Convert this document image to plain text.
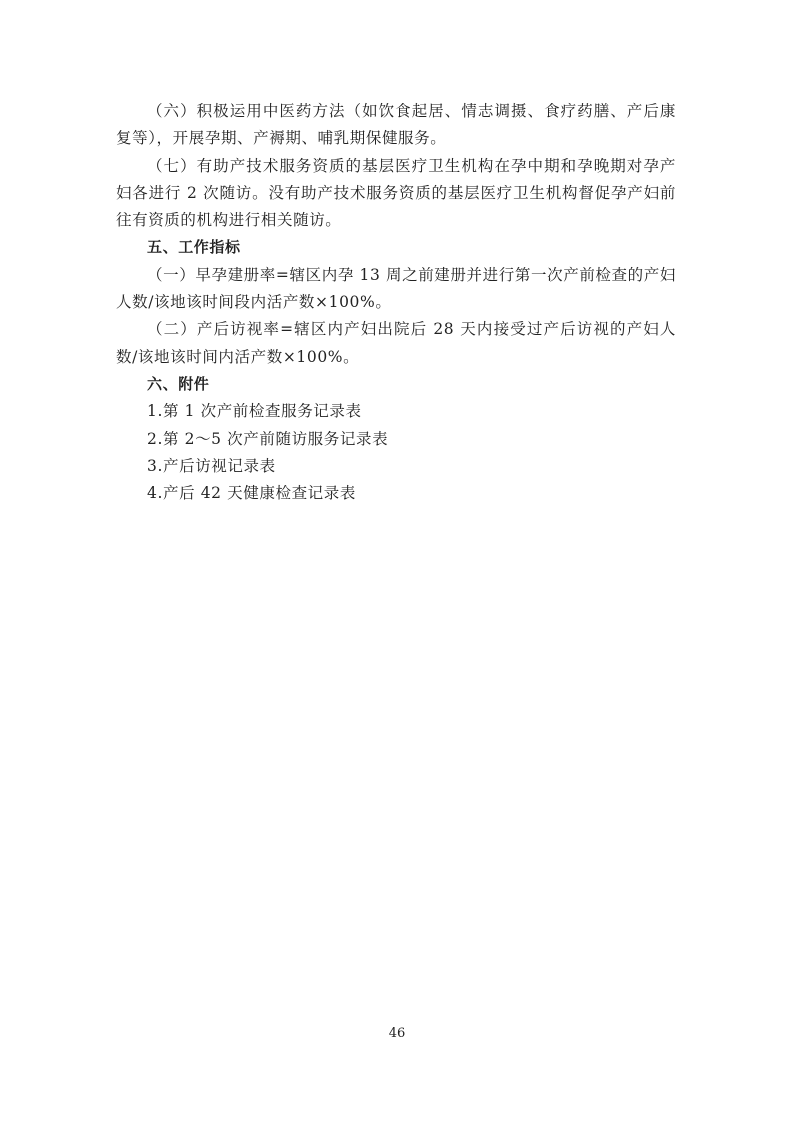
（六）积极运用中医药方法（如饮食起居、情志调摄、食疗药膳、产后康复等），开展孕期、产褥期、哺乳期保健服务。

（七）有助产技术服务资质的基层医疗卫生机构在孕中期和孕晚期对孕产妇各进行 2 次随访。没有助产技术服务资质的基层医疗卫生机构督促孕产妇前往有资质的机构进行相关随访。

五、工作指标

（一）早孕建册率=辖区内孕 13 周之前建册并进行第一次产前检查的产妇人数/该地该时间段内活产数×100%。

（二）产后访视率=辖区内产妇出院后 28 天内接受过产后访视的产妇人数/该地该时间内活产数×100%。

六、附件

1.第 1 次产前检查服务记录表

2.第 2～5 次产前随访服务记录表

3.产后访视记录表

4.产后 42 天健康检查记录表

46
